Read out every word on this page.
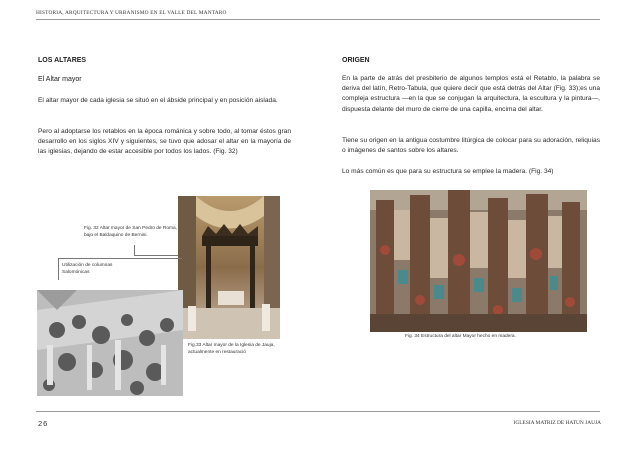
HISTORIA, ARQUITECTURA Y URBANISMO EN EL VALLE DEL MANTARO
LOS ALTARES
El Altar mayor
El altar mayor de cada iglesia se situó en el ábside principal y en posición aislada.
Pero al adoptarse los retablos en la época románica y sobre todo, al tomar éstos gran desarrollo en los siglos XIV y siguientes, se tuvo que adosar el altar en la mayoría de las iglesias, dejando de estar accesible por todos los lados. (Fig. 32)
Fig. 32 Altar mayor de San Pedro de Roma, bajo el Baldaquino de Bernini.
Utilización de columnas Salomónicas
Fig.33 Altar mayor de la Iglesia de Jauja, actualmente en restauració
ORIGEN
En la parte de atrás del presbiterio de algunos templos está el Retablo, la palabra se deriva del latín, Retro-Tabula, que quiere decir que está detrás del Altar (Fig. 33);es una compleja estructura —en la que se conjugan la arquitectura, la escultura y la pintura—, dispuesta delante del muro de cierre de una capilla, encima del altar.
Tiene su origen en la antigua costumbre litúrgica de colocar para su adoración, reliquias o imágenes de santos sobre los altares.
Lo más común es que para su estructura se emplee la madera. (Fig. 34)
Fig. 34 Estructura del altar Mayor hecho en madera.
26	IGLESIA MATRIZ DE HATUN JAUJA
